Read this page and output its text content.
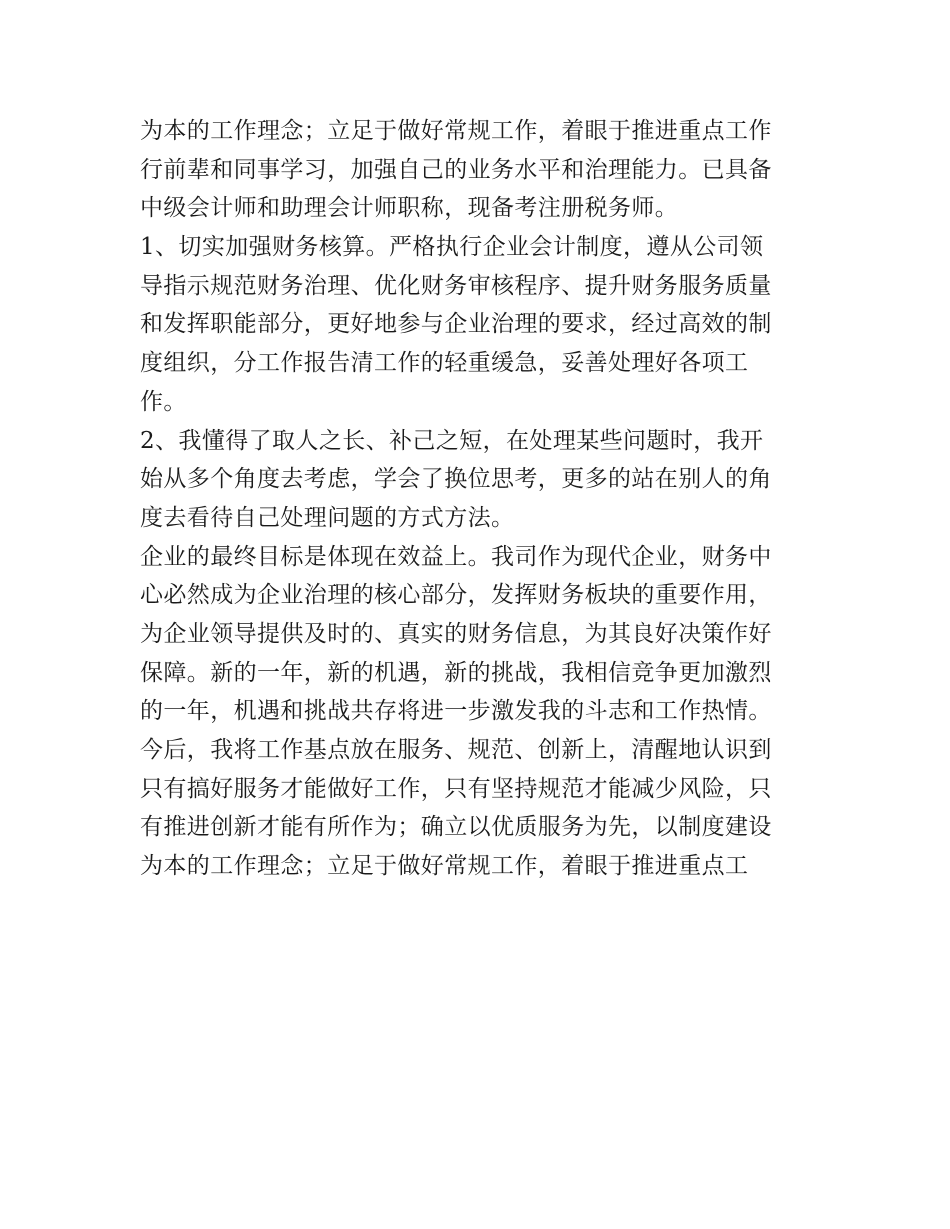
为本的工作理念；立足于做好常规工作，着眼于推进重点工作
行前辈和同事学习，加强自己的业务水平和治理能力。已具备
中级会计师和助理会计师职称，现备考注册税务师。
1、切实加强财务核算。严格执行企业会计制度，遵从公司领
导指示规范财务治理、优化财务审核程序、提升财务服务质量
和发挥职能部分，更好地参与企业治理的要求，经过高效的制
度组织，分工作报告清工作的轻重缓急，妥善处理好各项工
作。
2、我懂得了取人之长、补己之短，在处理某些问题时，我开
始从多个角度去考虑，学会了换位思考，更多的站在别人的角
度去看待自己处理问题的方式方法。
企业的最终目标是体现在效益上。我司作为现代企业，财务中
心必然成为企业治理的核心部分，发挥财务板块的重要作用，
为企业领导提供及时的、真实的财务信息，为其良好决策作好
保障。新的一年，新的机遇，新的挑战，我相信竞争更加激烈
的一年，机遇和挑战共存将进一步激发我的斗志和工作热情。
今后，我将工作基点放在服务、规范、创新上，清醒地认识到
只有搞好服务才能做好工作，只有坚持规范才能减少风险，只
有推进创新才能有所作为；确立以优质服务为先，以制度建设
为本的工作理念；立足于做好常规工作，着眼于推进重点工
